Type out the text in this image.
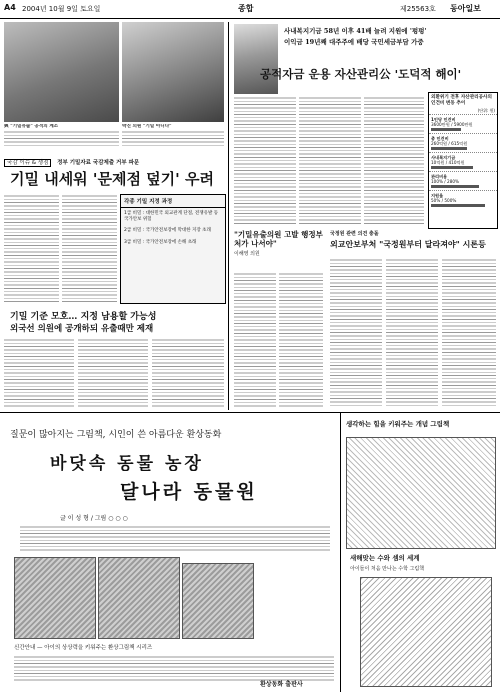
A4 2004년 10월 9일 토요일	종합	제25563호 동아일보
與 "기밀유출" 공격의 계소	박진 의원 "기밀 아니다"
국감 이슈 & 쟁점 정부 기밀자료 국감제출 거부 파문
기밀 내세워 '문제점 덮기' 우려
각종 기밀 지정 과정
1급 비밀 : 대한민국 외교관계 단절, 전쟁유발 등 국가안보 위험
2급 비밀 : 국가안전보장에 막대한 지장 초래
3급 비밀 : 국가안전보장에 손해 초래
기밀 기준 모호… 지정 남용할 가능성
외국선 의원에 공개하되 유출때만 제재
사내복지기금 58년 이후 41배 늘려 지원에 '펑펑'
이익금 19년째 대주주에 배당 국민세금부담 가중
공적자금 운용 자산관리公 '도덕적 해이'
외환위기 전후 자산관리공사의 인건비 변동 추이
(단위: 원)
1인당 인건비
3600만원 / 5900만원
총 인건비
260억원 / 615억원
사내복지기금
10억원 / 410억원
관리비용
100% / 280%
지원율
50% / 500%
"기밀유출의원 고발 행정부처가 나서야"
이해영 의원
국정원 관련 의견 충돌
외교안보부처 "국정원부터 달라져야" 시론등
질문이 많아지는 그림책, 시인이 쓴 아름다운 환상동화
바닷속 동물 농장
달나라 동물원
글 이 성 형 / 그림 ○ ○ ○
신간안내 — 아이의 상상력을 키워주는 환상그림책 시리즈
환상동화 출판사
생각하는 힘을 키워주는 개념 그림책
새해맞는 수와 셈의 세계
아이들이 처음 만나는 수학 그림책
